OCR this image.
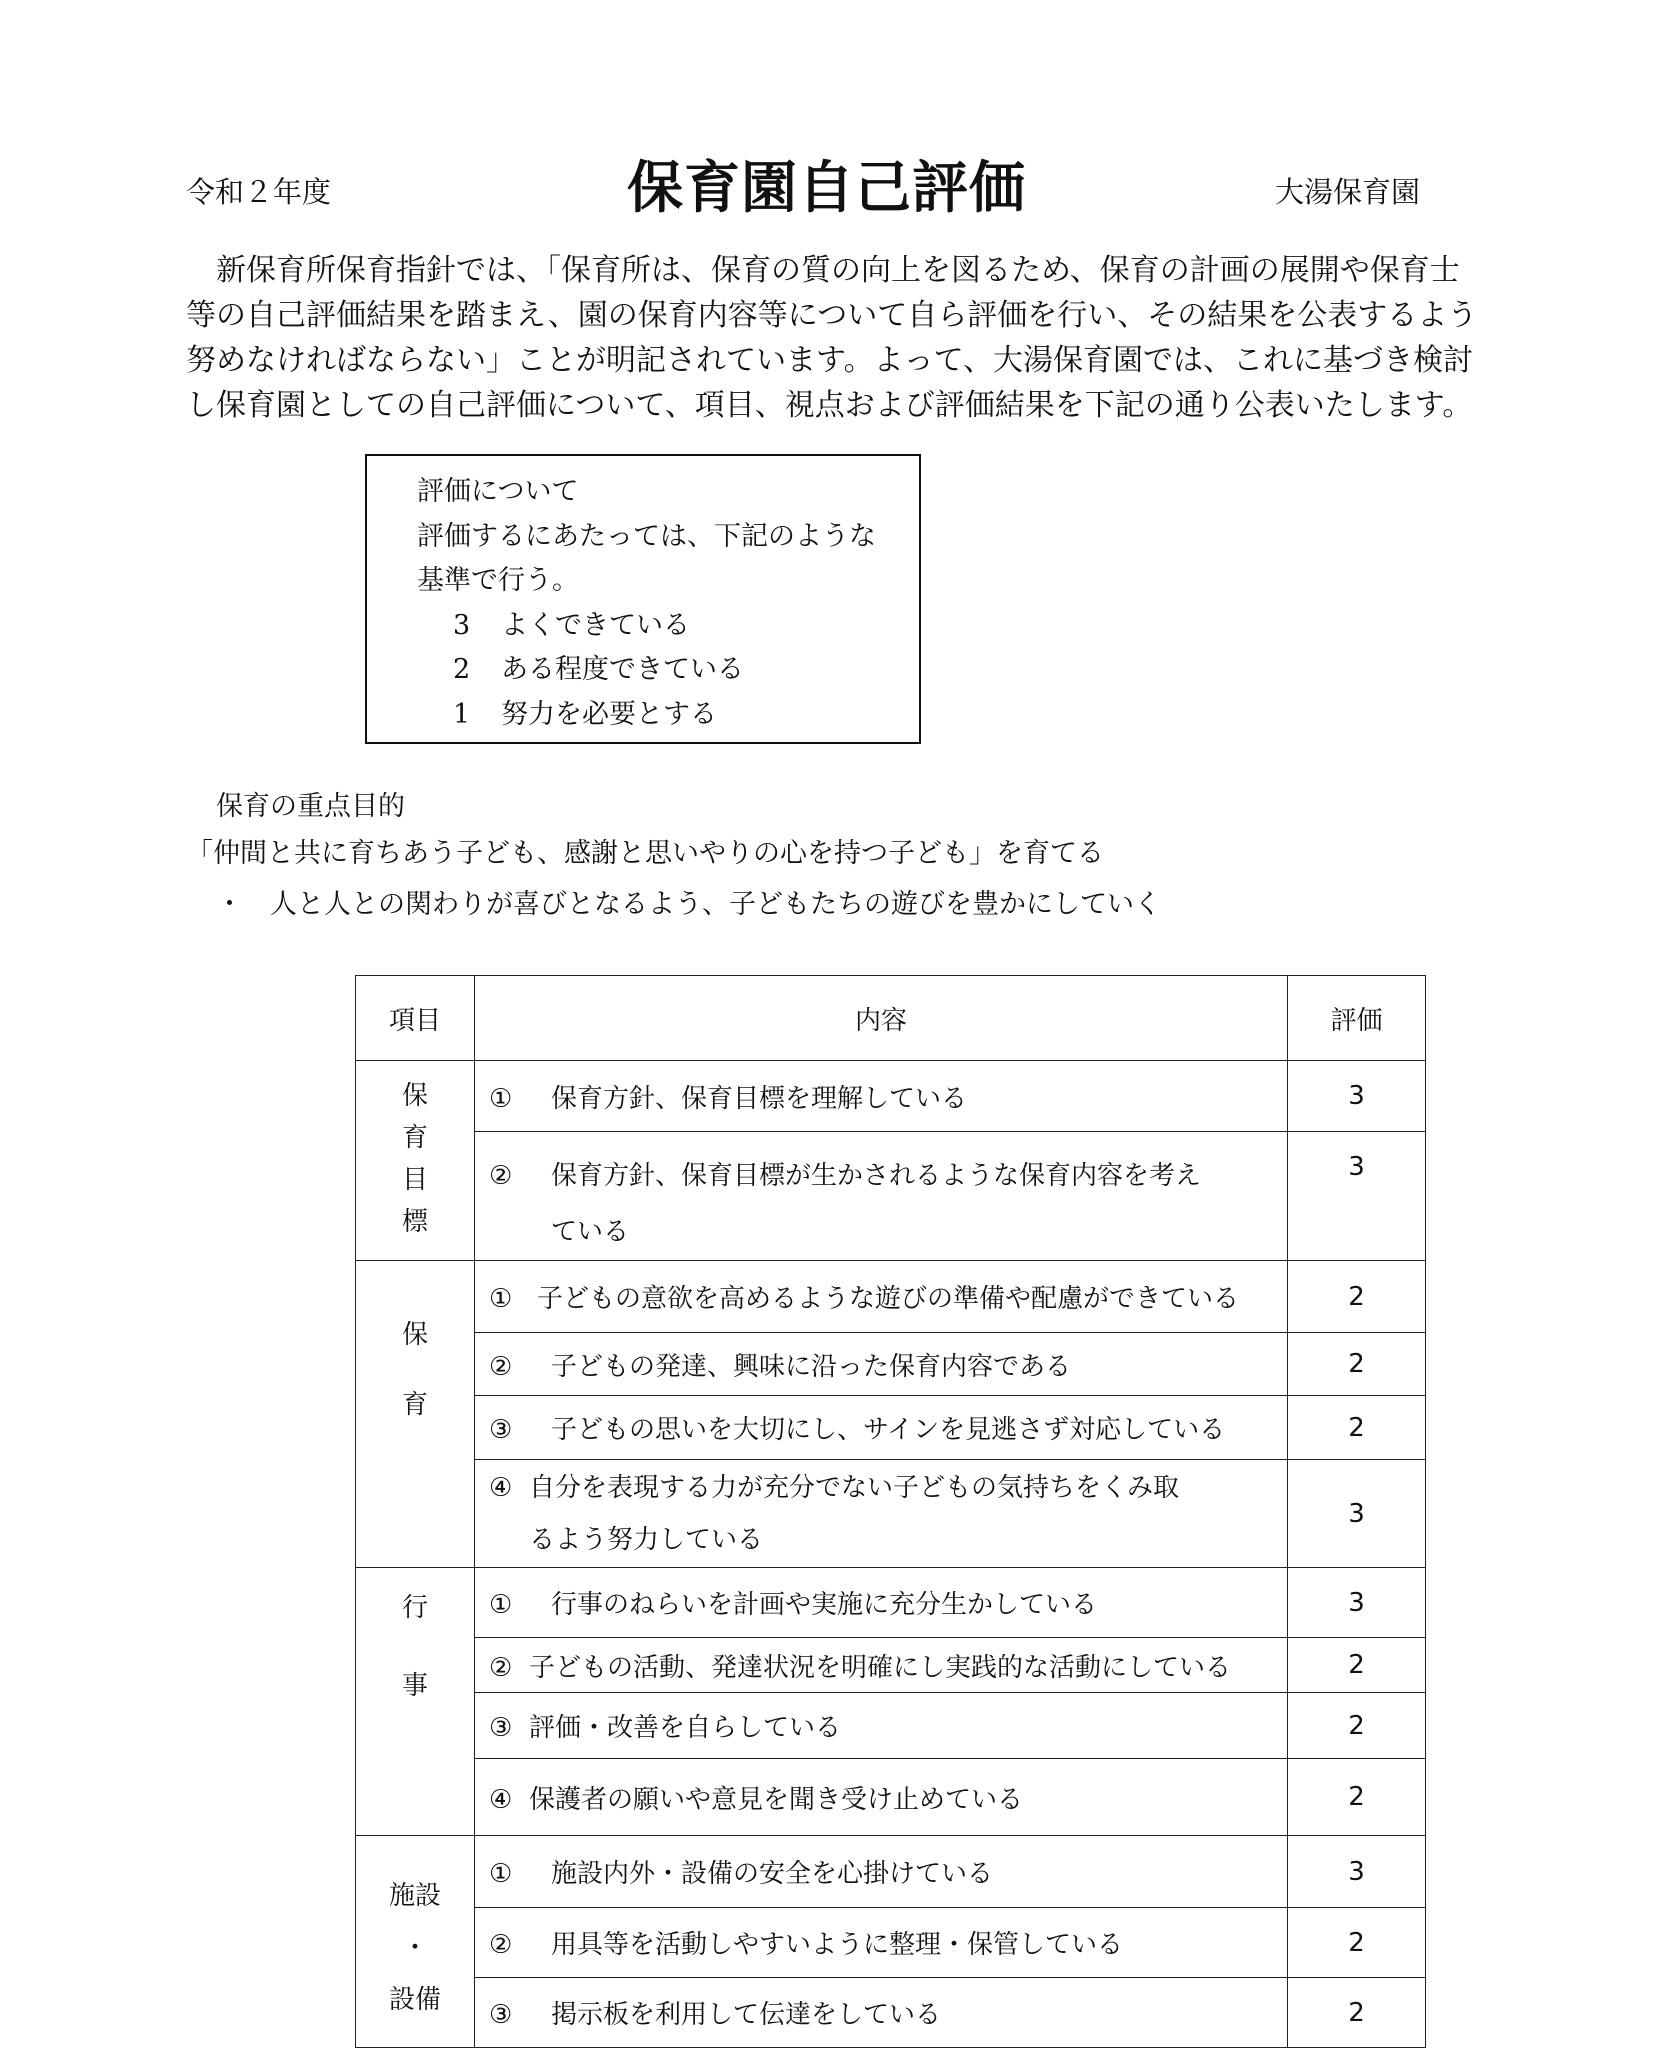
令和２年度	保育園自己評価	大湯保育園

　新保育所保育指針では、「保育所は、保育の質の向上を図るため、保育の計画の展開や保育士

等の自己評価結果を踏まえ、園の保育内容等について自ら評価を行い、その結果を公表するよう

努めなければならない」ことが明記されています。よって、大湯保育園では、これに基づき検討

し保育園としての自己評価について、項目、視点および評価結果を下記の通り公表いたします。

評価について
評価するにあたっては、下記のような
基準で行う。
3 よくできている
2 ある程度できている
1 努力を必要とする
保育の重点目的
「仲間と共に育ちあう子ども、感謝と思いやりの心を持つ子ども」を育てる
・　人と人との関わりが喜びとなるよう、子どもたちの遊びを豊かにしていく
項目	内容	評価

保
育
目
標	① 保育方針、保育目標を理解している	3
	② 保育方針、保育目標が生かされるような保育内容を考え
ている	3

保
育	① 子どもの意欲を高めるような遊びの準備や配慮ができている	2
	② 子どもの発達、興味に沿った保育内容である	2
	③ 子どもの思いを大切にし、サインを見逃さず対応している	2
	④ 自分を表現する力が充分でない子どもの気持ちをくみ取
るよう努力している	3

行
事	① 行事のねらいを計画や実施に充分生かしている	3
	② 子どもの活動、発達状況を明確にし実践的な活動にしている	2
	③ 評価・改善を自らしている	2
	④ 保護者の願いや意見を聞き受け止めている	2

施設
・
設備	① 施設内外・設備の安全を心掛けている	3
	② 用具等を活動しやすいように整理・保管している	2
	③ 掲示板を利用して伝達をしている	2
